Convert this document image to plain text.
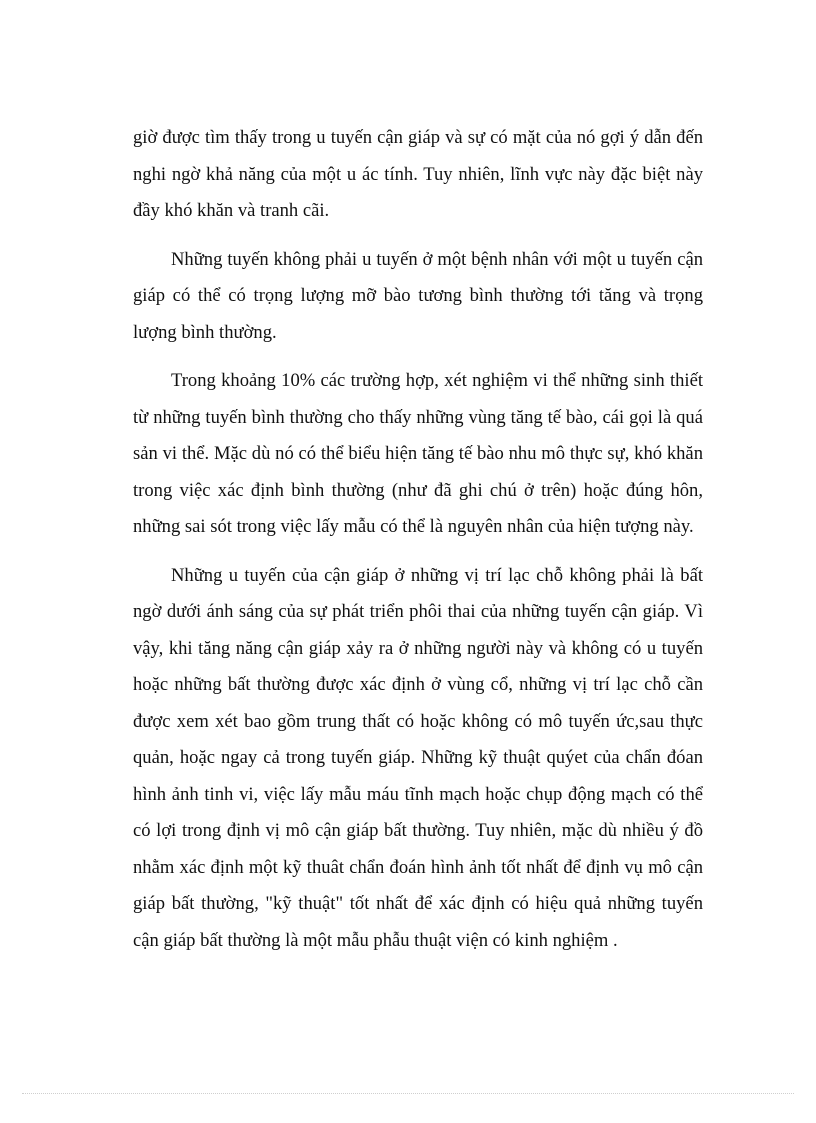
giờ được tìm thấy trong u tuyến cận giáp và sự có mặt của nó gợi ý dẫn đến nghi ngờ khả năng của một u ác tính. Tuy nhiên, lĩnh vực này đặc biệt này đầy khó khăn và tranh cãi.

Những tuyến không phải u tuyến ở một bệnh nhân với một u tuyến cận giáp có thể có trọng lượng mỡ bào tương bình thường tới tăng và trọng lượng bình thường.

Trong khoảng 10% các trường hợp, xét nghiệm vi thể những sinh thiết từ những tuyến bình thường cho thấy những vùng tăng tế bào, cái gọi là quá sản vi thể. Mặc dù nó có thể biểu hiện tăng tế bào nhu mô thực sự, khó khăn trong việc xác định bình thường (như đã ghi chú ở trên) hoặc đúng hôn, những sai sót trong việc lấy mẫu có thể là nguyên nhân của hiện tượng này.

Những u tuyến của cận giáp ở những vị trí lạc chỗ không phải là bất ngờ dưới ánh sáng của sự phát triển phôi thai của những tuyến cận giáp. Vì vậy, khi tăng năng cận giáp xảy ra ở những người này và không có u tuyến hoặc những bất thường được xác định ở vùng cổ, những vị trí lạc chỗ cần được xem xét bao gồm trung thất có hoặc không có mô tuyến ức,sau thực quản, hoặc ngay cả trong tuyến giáp. Những kỹ thuật quýet của chẩn đóan hình ảnh tinh vi, việc lấy mẫu máu tĩnh mạch hoặc chụp động mạch có thể có lợi trong định vị mô cận giáp bất thường. Tuy nhiên, mặc dù nhiều ý đồ nhằm xác định một kỹ thuât chẩn đoán hình ảnh tốt nhất để định vụ mô cận giáp bất thường, "kỹ thuật" tốt nhất để xác định có hiệu quả những tuyến cận giáp bất thường là một mẫu phẫu thuật viện có kinh nghiệm .
